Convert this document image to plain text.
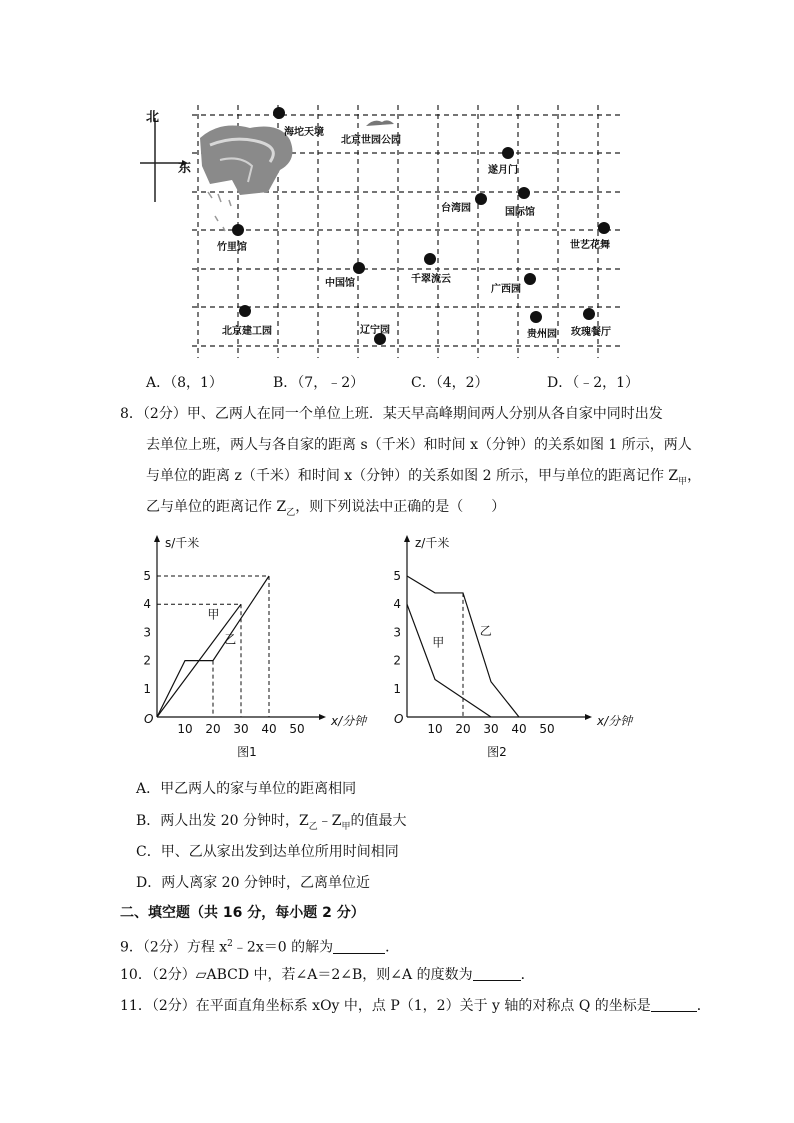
北
东
海坨天境
北京世园公园
遂月门
台湾园	国际馆
竹里馆	世艺花舞
中国馆	千翠流云
广西园
北京建工园	辽宁园	贵州园 玫瑰餐厅
A．（8，1）	B．（7，﹣2）	C．（4，2）	D．（﹣2，1）
8．（2分）甲、乙两人在同一个单位上班．某天早高峰期间两人分别从各自家中同时出发
去单位上班，两人与各自家的距离 s（千米）和时间 x（分钟）的关系如图 1 所示，两人
与单位的距离 z（千米）和时间 x（分钟）的关系如图 2 所示，甲与单位的距离记作 $Z_甲$，
乙与单位的距离记作 $Z_乙$，则下列说法中正确的是（　　）
s/千米
x/分钟
O
10 20 30 40 50
1
2
3
4
5
甲
乙
图1
z/千米
x/分钟
O
10 20 30 40 50
1
2
3
4
5
甲
乙
图2
A．甲乙两人的家与单位的距离相同
B．两人出发 20 分钟时，$Z_乙﹣Z_甲$的值最大
C．甲、乙从家出发到达单位所用时间相同
D．两人离家 20 分钟时，乙离单位近
二、填空题（共 16 分，每小题 2 分）
9．（2分）方程 $x^2﹣2x=0$ 的解为	．
10．（2分）▱ABCD 中，若∠A＝2∠B，则∠A 的度数为	．
11．（2分）在平面直角坐标系 xOy 中，点 P（1，2）关于 y 轴的对称点 Q 的坐标是	．
